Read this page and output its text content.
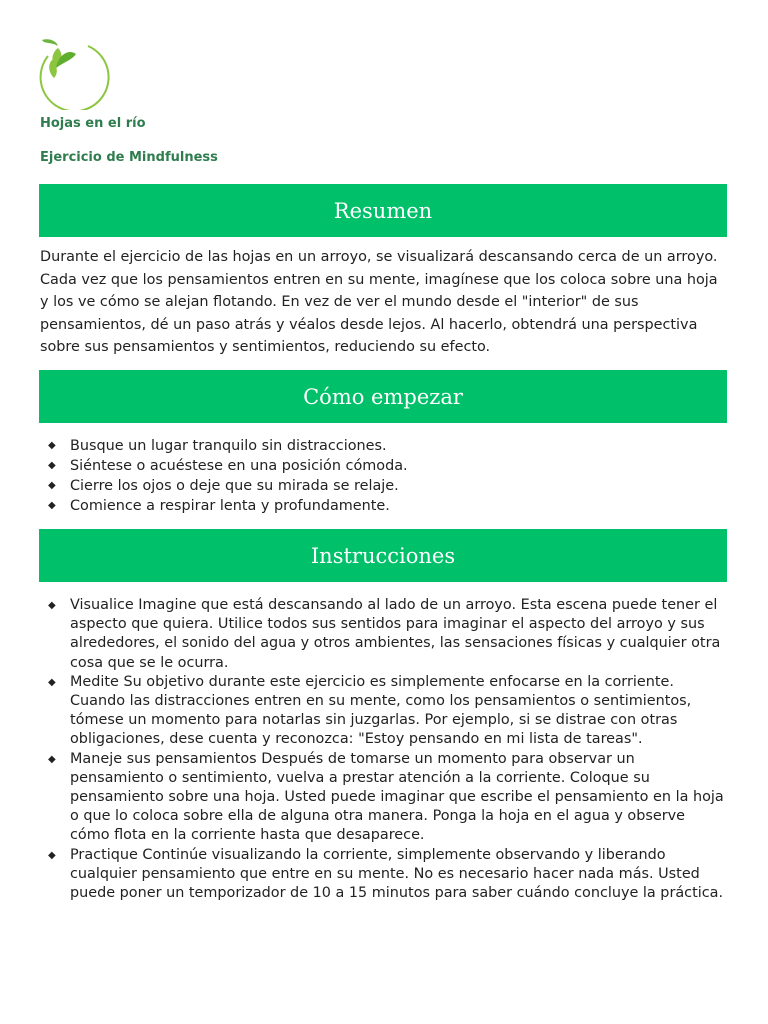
Hojas en el río
Ejercicio de Mindfulness
Resumen

Durante el ejercicio de las hojas en un arroyo, se visualizará descansando cerca de un arroyo. Cada vez que los pensamientos entren en su mente, imagínese que los coloca sobre una hoja y los ve cómo se alejan flotando. En vez de ver el mundo desde el "interior" de sus pensamientos, dé un paso atrás y véalos desde lejos. Al hacerlo, obtendrá una perspectiva sobre sus pensamientos y sentimientos, reduciendo su efecto.

Cómo empezar
◆ Busque un lugar tranquilo sin distracciones.
◆ Siéntese o acuéstese en una posición cómoda.
◆ Cierre los ojos o deje que su mirada se relaje.
◆ Comience a respirar lenta y profundamente.
Instrucciones
◆ Visualice Imagine que está descansando al lado de un arroyo. Esta escena puede tener el aspecto que quiera. Utilice todos sus sentidos para imaginar el aspecto del arroyo y sus alrededores, el sonido del agua y otros ambientes, las sensaciones físicas y cualquier otra cosa que se le ocurra.
◆ Medite Su objetivo durante este ejercicio es simplemente enfocarse en la corriente. Cuando las distracciones entren en su mente, como los pensamientos o sentimientos, tómese un momento para notarlas sin juzgarlas. Por ejemplo, si se distrae con otras obligaciones, dese cuenta y reconozca: "Estoy pensando en mi lista de tareas".
◆ Maneje sus pensamientos Después de tomarse un momento para observar un pensamiento o sentimiento, vuelva a prestar atención a la corriente. Coloque su pensamiento sobre una hoja. Usted puede imaginar que escribe el pensamiento en la hoja o que lo coloca sobre ella de alguna otra manera. Ponga la hoja en el agua y observe cómo flota en la corriente hasta que desaparece.
◆ Practique Continúe visualizando la corriente, simplemente observando y liberando cualquier pensamiento que entre en su mente. No es necesario hacer nada más. Usted puede poner un temporizador de 10 a 15 minutos para saber cuándo concluye la práctica.
